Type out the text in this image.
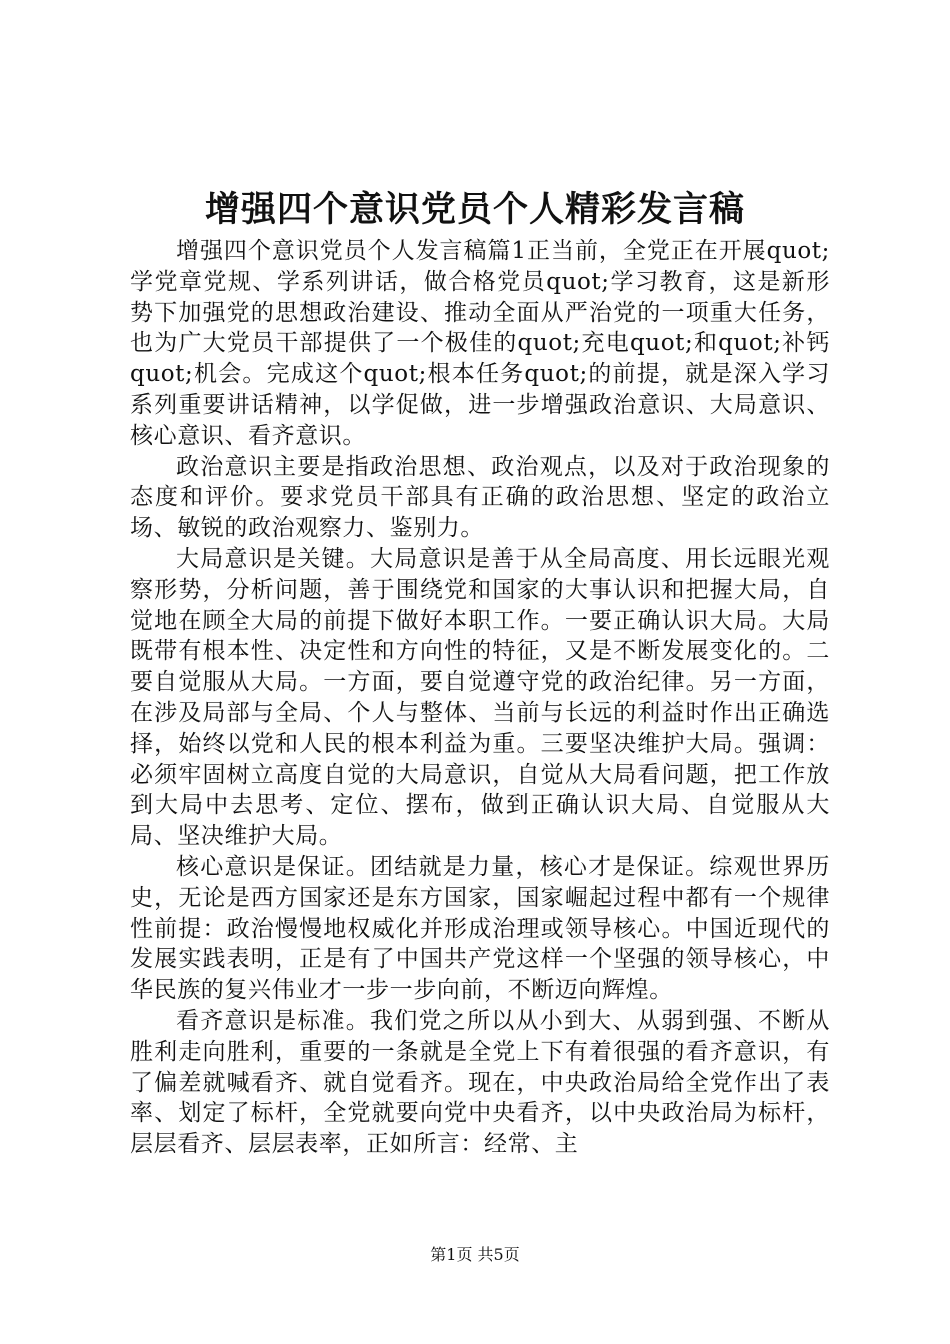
增强四个意识党员个人精彩发言稿

增强四个意识党员个人发言稿篇1正当前，全党正在开展quot;学党章党规、学系列讲话，做合格党员quot;学习教育，这是新形势下加强党的思想政治建设、推动全面从严治党的一项重大任务，也为广大党员干部提供了一个极佳的quot;充电quot;和quot;补钙quot;机会。完成这个quot;根本任务quot;的前提，就是深入学习系列重要讲话精神，以学促做，进一步增强政治意识、大局意识、核心意识、看齐意识。

政治意识主要是指政治思想、政治观点，以及对于政治现象的态度和评价。要求党员干部具有正确的政治思想、坚定的政治立场、敏锐的政治观察力、鉴别力。

大局意识是关键。大局意识是善于从全局高度、用长远眼光观察形势，分析问题，善于围绕党和国家的大事认识和把握大局，自觉地在顾全大局的前提下做好本职工作。一要正确认识大局。大局既带有根本性、决定性和方向性的特征，又是不断发展变化的。二要自觉服从大局。一方面，要自觉遵守党的政治纪律。另一方面，在涉及局部与全局、个人与整体、当前与长远的利益时作出正确选择，始终以党和人民的根本利益为重。三要坚决维护大局。强调：必须牢固树立高度自觉的大局意识，自觉从大局看问题，把工作放到大局中去思考、定位、摆布，做到正确认识大局、自觉服从大局、坚决维护大局。

核心意识是保证。团结就是力量，核心才是保证。综观世界历史，无论是西方国家还是东方国家，国家崛起过程中都有一个规律性前提：政治慢慢地权威化并形成治理或领导核心。中国近现代的发展实践表明，正是有了中国共产党这样一个坚强的领导核心，中华民族的复兴伟业才一步一步向前，不断迈向辉煌。

看齐意识是标准。我们党之所以从小到大、从弱到强、不断从胜利走向胜利，重要的一条就是全党上下有着很强的看齐意识，有了偏差就喊看齐、就自觉看齐。现在，中央政治局给全党作出了表率、划定了标杆，全党就要向党中央看齐，以中央政治局为标杆，层层看齐、层层表率，正如所言：经常、主

第1页 共5页
